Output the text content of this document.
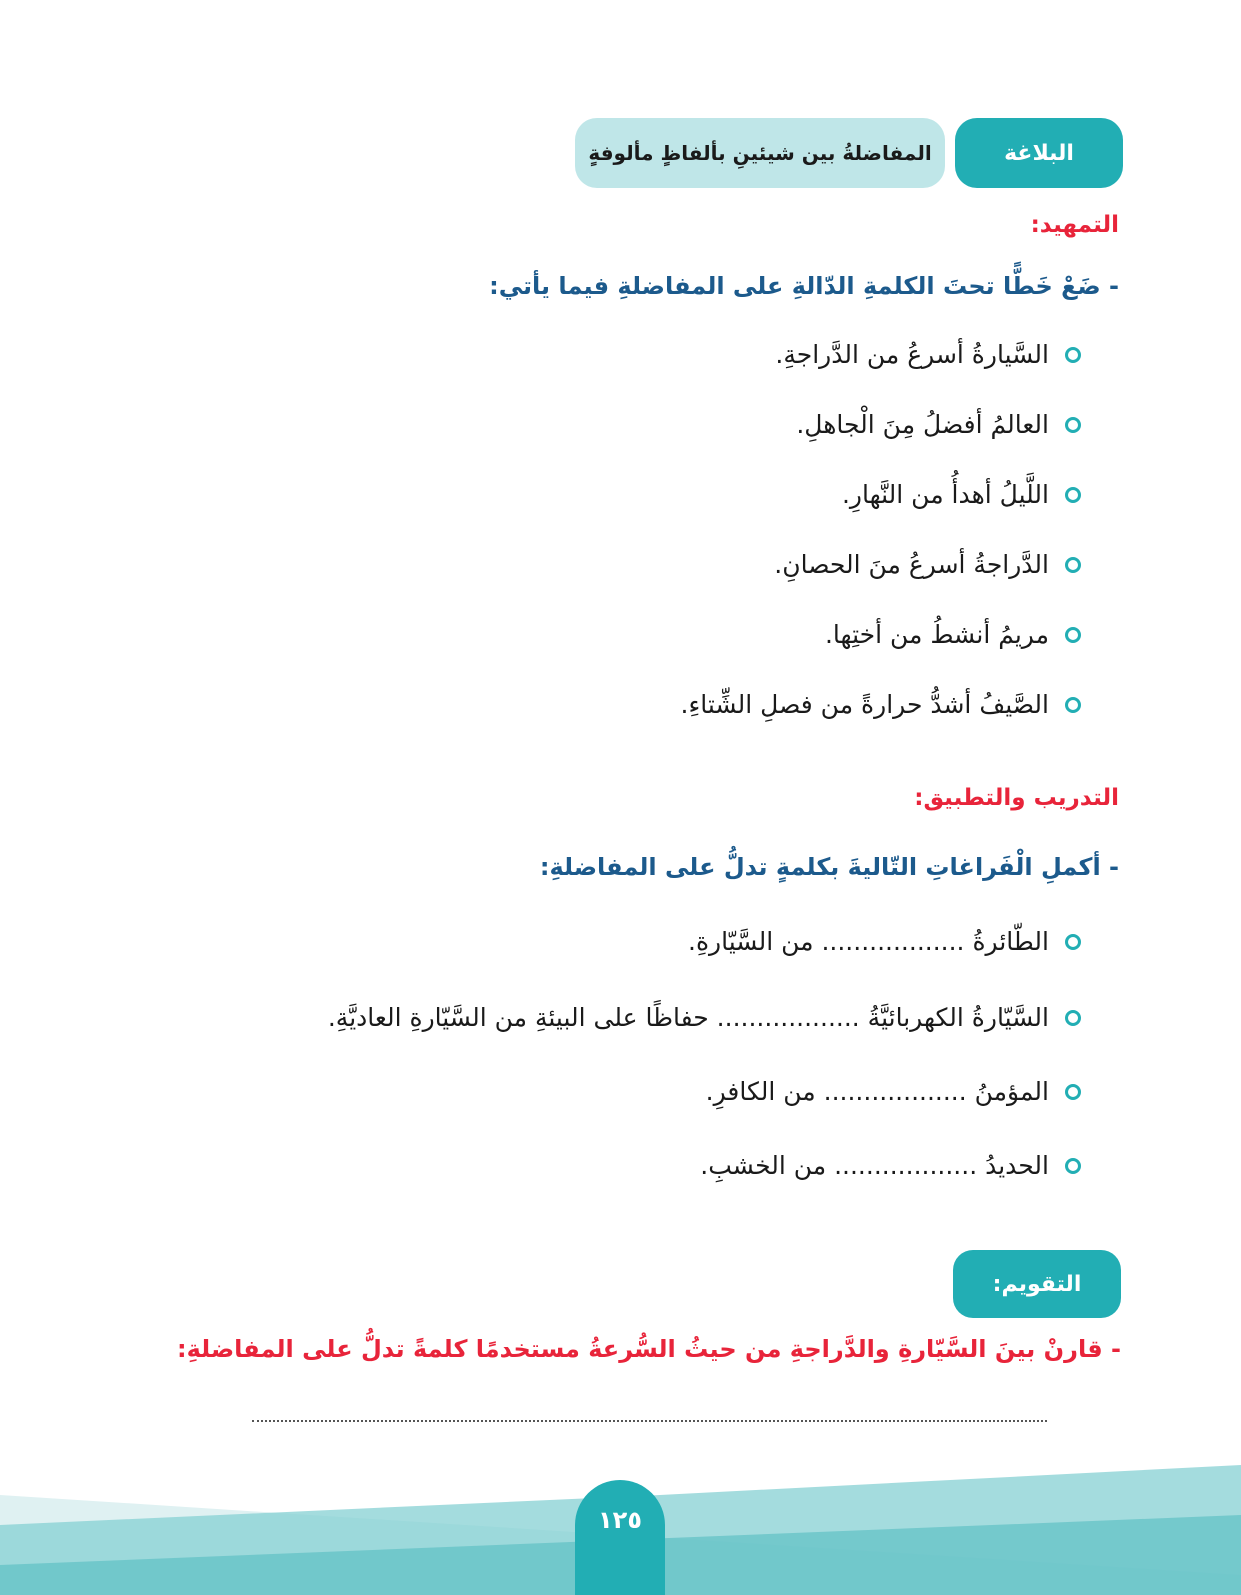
البلاغة
المفاضلةُ بين شيئينِ بألفاظٍ مألوفةٍ
التمهيد:
- ضَعْ خَطًّا تحتَ الكلمةِ الدّالةِ على المفاضلةِ فيما يأتي:
السَّيارةُ أسرعُ من الدَّراجةِ.
العالمُ أفضلُ مِنَ الْجاهلِ.
اللَّيلُ أهدأُ من النَّهارِ.
الدَّراجةُ أسرعُ منَ الحصانِ.
مريمُ أنشطُ من أختِها.
الصَّيفُ أشدُّ حرارةً من فصلِ الشِّتاءِ.
التدريب والتطبيق:
- أكملِ الْفَراغاتِ التّاليةَ بكلمةٍ تدلُّ على المفاضلةِ:
الطّائرةُ .................. من السَّيّارةِ.
السَّيّارةُ الكهربائيَّةُ .................. حفاظًا على البيئةِ من السَّيّارةِ العاديَّةِ.
المؤمنُ .................. من الكافرِ.
الحديدُ .................. من الخشبِ.
التقويم:
- قارنْ بينَ السَّيّارةِ والدَّراجةِ من حيثُ السُّرعةُ مستخدمًا كلمةً تدلُّ على المفاضلةِ:
١٢٥
